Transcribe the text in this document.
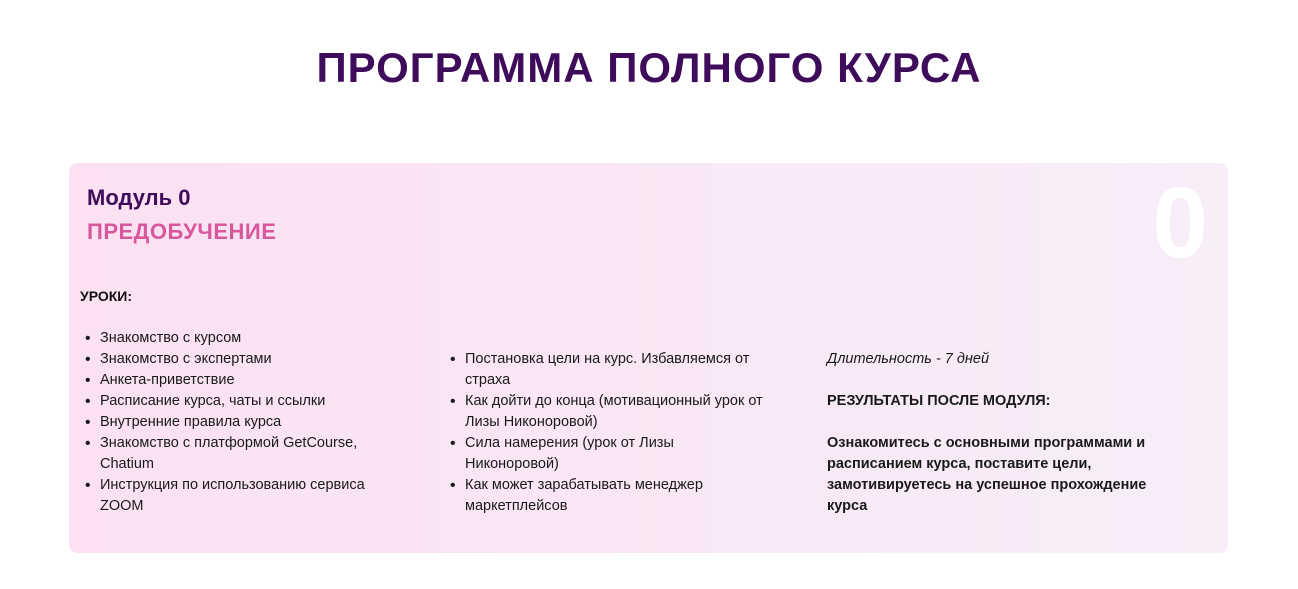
ПРОГРАММА ПОЛНОГО КУРСА
0
Модуль 0
ПРЕДОБУЧЕНИЕ
УРОКИ:
• Знакомство с курсом
• Знакомство с экспертами
• Анкета-приветствие
• Расписание курса, чаты и ссылки
• Внутренние правила курса
• Знакомство с платформой GetCourse, Chatium
• Инструкция по использованию сервиса ZOOM
• Постановка цели на курс. Избавляемся от страха
• Как дойти до конца (мотивационный урок от Лизы Никоноровой)
• Сила намерения (урок от Лизы Никоноровой)
• Как может зарабатывать менеджер маркетплейсов
Длительность - 7 дней
РЕЗУЛЬТАТЫ ПОСЛЕ МОДУЛЯ:
Ознакомитесь с основными программами и расписанием курса, поставите цели, замотивируетесь на успешное прохождение курса
